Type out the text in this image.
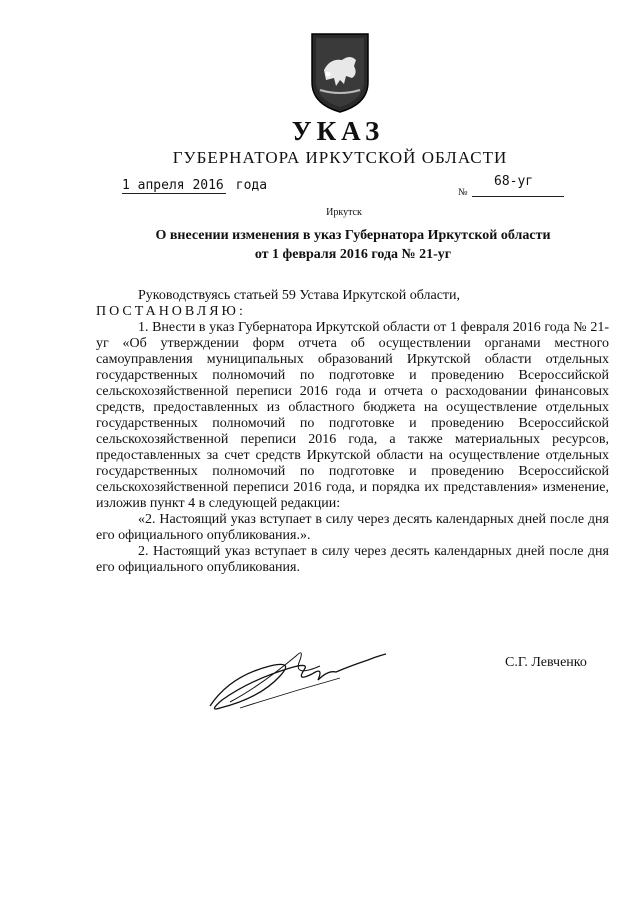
УКАЗ
ГУБЕРНАТОРА ИРКУТСКОЙ ОБЛАСТИ
1 апреля 2016 года	№
68-уг
Иркутск
О внесении изменения в указ Губернатора Иркутской области
от 1 февраля 2016 года № 21-уг

Руководствуясь статьей 59 Устава Иркутской области,

ПОСТАНОВЛЯЮ:

1. Внести в указ Губернатора Иркутской области от 1 февраля 2016 года № 21-уг «Об утверждении форм отчета об осуществлении органами местного самоуправления муниципальных образований Иркутской области отдельных государственных полномочий по подготовке и проведению Всероссийской сельскохозяйственной переписи 2016 года и отчета о расходовании финансовых средств, предоставленных из областного бюджета на осуществление отдельных государственных полномочий по подготовке и проведению Всероссийской сельскохозяйственной переписи 2016 года, а также материальных ресурсов, предоставленных за счет средств Иркутской области на осуществление отдельных государственных полномочий по подготовке и проведению Всероссийской сельскохозяйственной переписи 2016 года, и порядка их представления» изменение, изложив пункт 4 в следующей редакции:

«2. Настоящий указ вступает в силу через десять календарных дней после дня его официального опубликования.».

2. Настоящий указ вступает в силу через десять календарных дней после дня его официального опубликования.

С.Г. Левченко
